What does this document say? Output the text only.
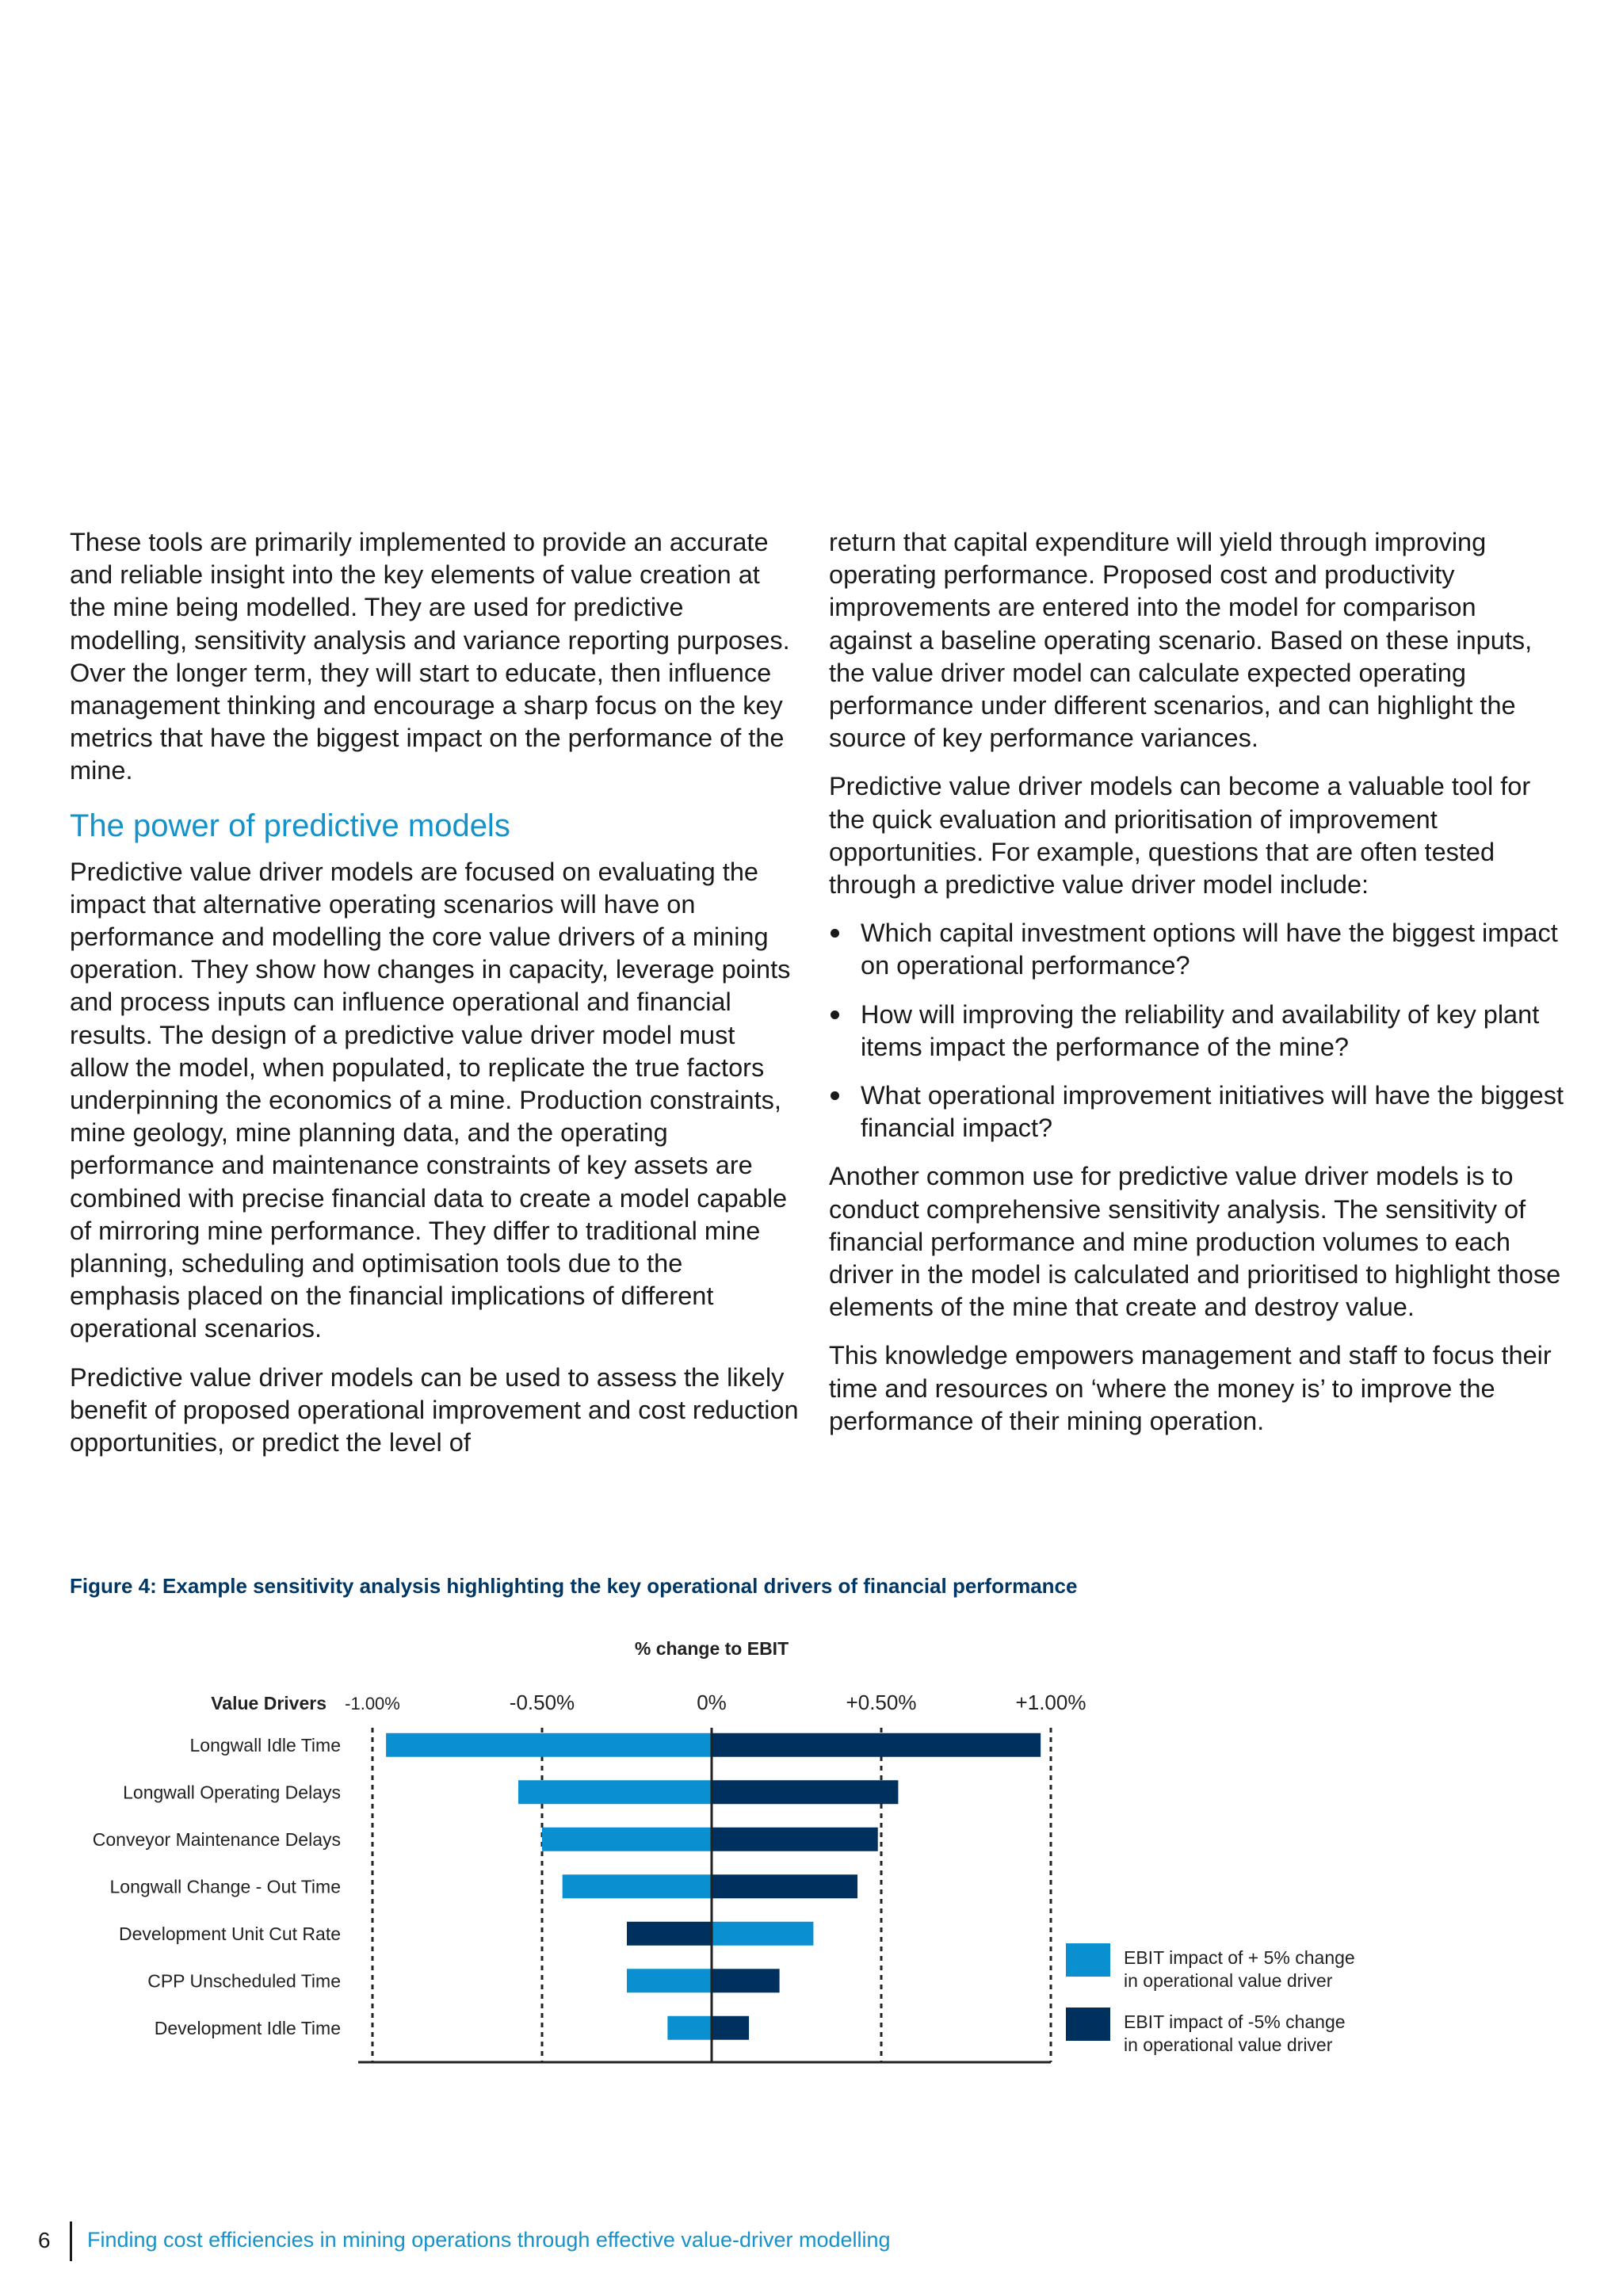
These tools are primarily implemented to provide an accurate and reliable insight into the key elements of value creation at the mine being modelled. They are used for predictive modelling, sensitivity analysis and variance reporting purposes. Over the longer term, they will start to educate, then influence management thinking and encourage a sharp focus on the key metrics that have the biggest impact on the performance of the mine.

The power of predictive models

Predictive value driver models are focused on evaluating the impact that alternative operating scenarios will have on performance and modelling the core value drivers of a mining operation. They show how changes in capacity, leverage points and process inputs can influence operational and financial results. The design of a predictive value driver model must allow the model, when populated, to replicate the true factors underpinning the economics of a mine. Production constraints, mine geology, mine planning data, and the operating performance and maintenance constraints of key assets are combined with precise financial data to create a model capable of mirroring mine performance. They differ to traditional mine planning, scheduling and optimisation tools due to the emphasis placed on the financial implications of different operational scenarios.

Predictive value driver models can be used to assess the likely benefit of proposed operational improvement and cost reduction opportunities, or predict the level of

return that capital expenditure will yield through improving operating performance. Proposed cost and productivity improvements are entered into the model for comparison against a baseline operating scenario. Based on these inputs, the value driver model can calculate expected operating performance under different scenarios, and can highlight the source of key performance variances.

Predictive value driver models can become a valuable tool for the quick evaluation and prioritisation of improvement opportunities. For example, questions that are often tested through a predictive value driver model include:

Which capital investment options will have the biggest impact on operational performance?
How will improving the reliability and availability of key plant items impact the performance of the mine?
What operational improvement initiatives will have the biggest financial impact?

Another common use for predictive value driver models is to conduct comprehensive sensitivity analysis. The sensitivity of financial performance and mine production volumes to each driver in the model is calculated and prioritised to highlight those elements of the mine that create and destroy value.

This knowledge empowers management and staff to focus their time and resources on ‘where the money is’ to improve the performance of their mining operation.

Figure 4: Example sensitivity analysis highlighting the key operational drivers of financial performance
% change to EBIT
Value Drivers -1.00%	-0.50%	0%	+0.50%	+1.00%
Longwall Idle Time
Longwall Operating Delays
Conveyor Maintenance Delays
Longwall Change - Out Time
Development Unit Cut Rate
CPP Unscheduled Time
Development Idle Time
EBIT impact of + 5% change in operational value driver
EBIT impact of -5% change in operational value driver
6 Finding cost efficiencies in mining operations through effective value-driver modelling
